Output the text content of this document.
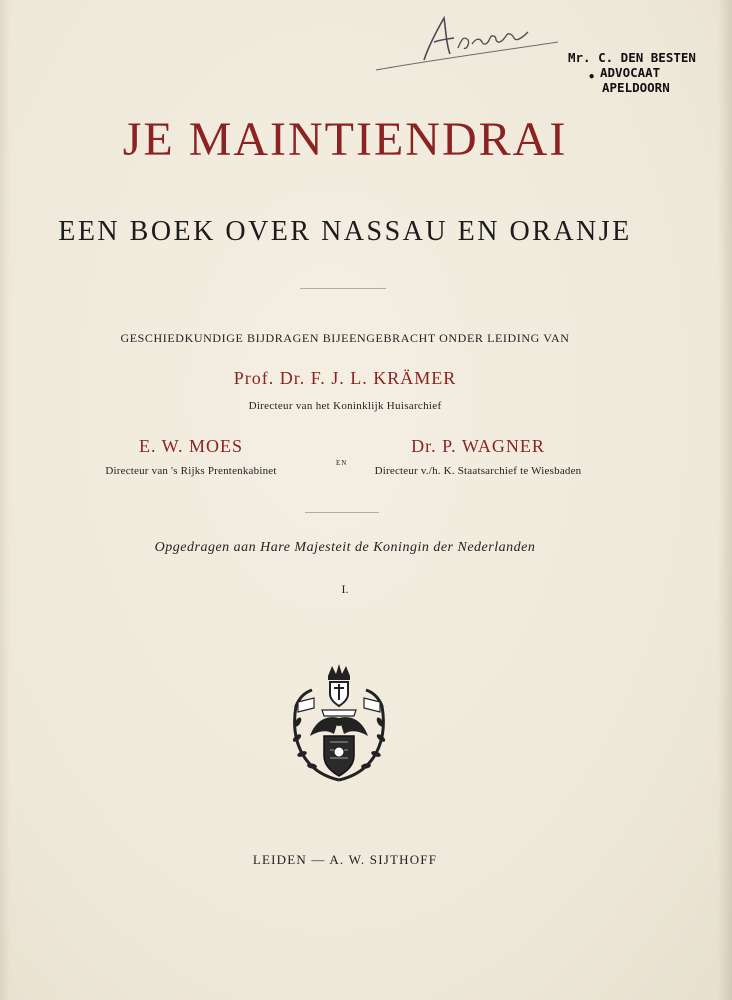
Mr. C. DEN BESTEN
ADVOCAAT
APELDOORN
•
JE MAINTIENDRAI
EEN BOEK OVER NASSAU EN ORANJE
GESCHIEDKUNDIGE BIJDRAGEN BIJEENGEBRACHT ONDER LEIDING VAN
Prof. Dr. F. J. L. KRÄMER
Directeur van het Koninklijk Huisarchief
E. W. MOES
Directeur van 's Rijks Prentenkabinet
EN
Dr. P. WAGNER
Directeur v./h. K. Staatsarchief te Wiesbaden
Opgedragen aan Hare Majesteit de Koningin der Nederlanden
I.
LEIDEN — A. W. SIJTHOFF
